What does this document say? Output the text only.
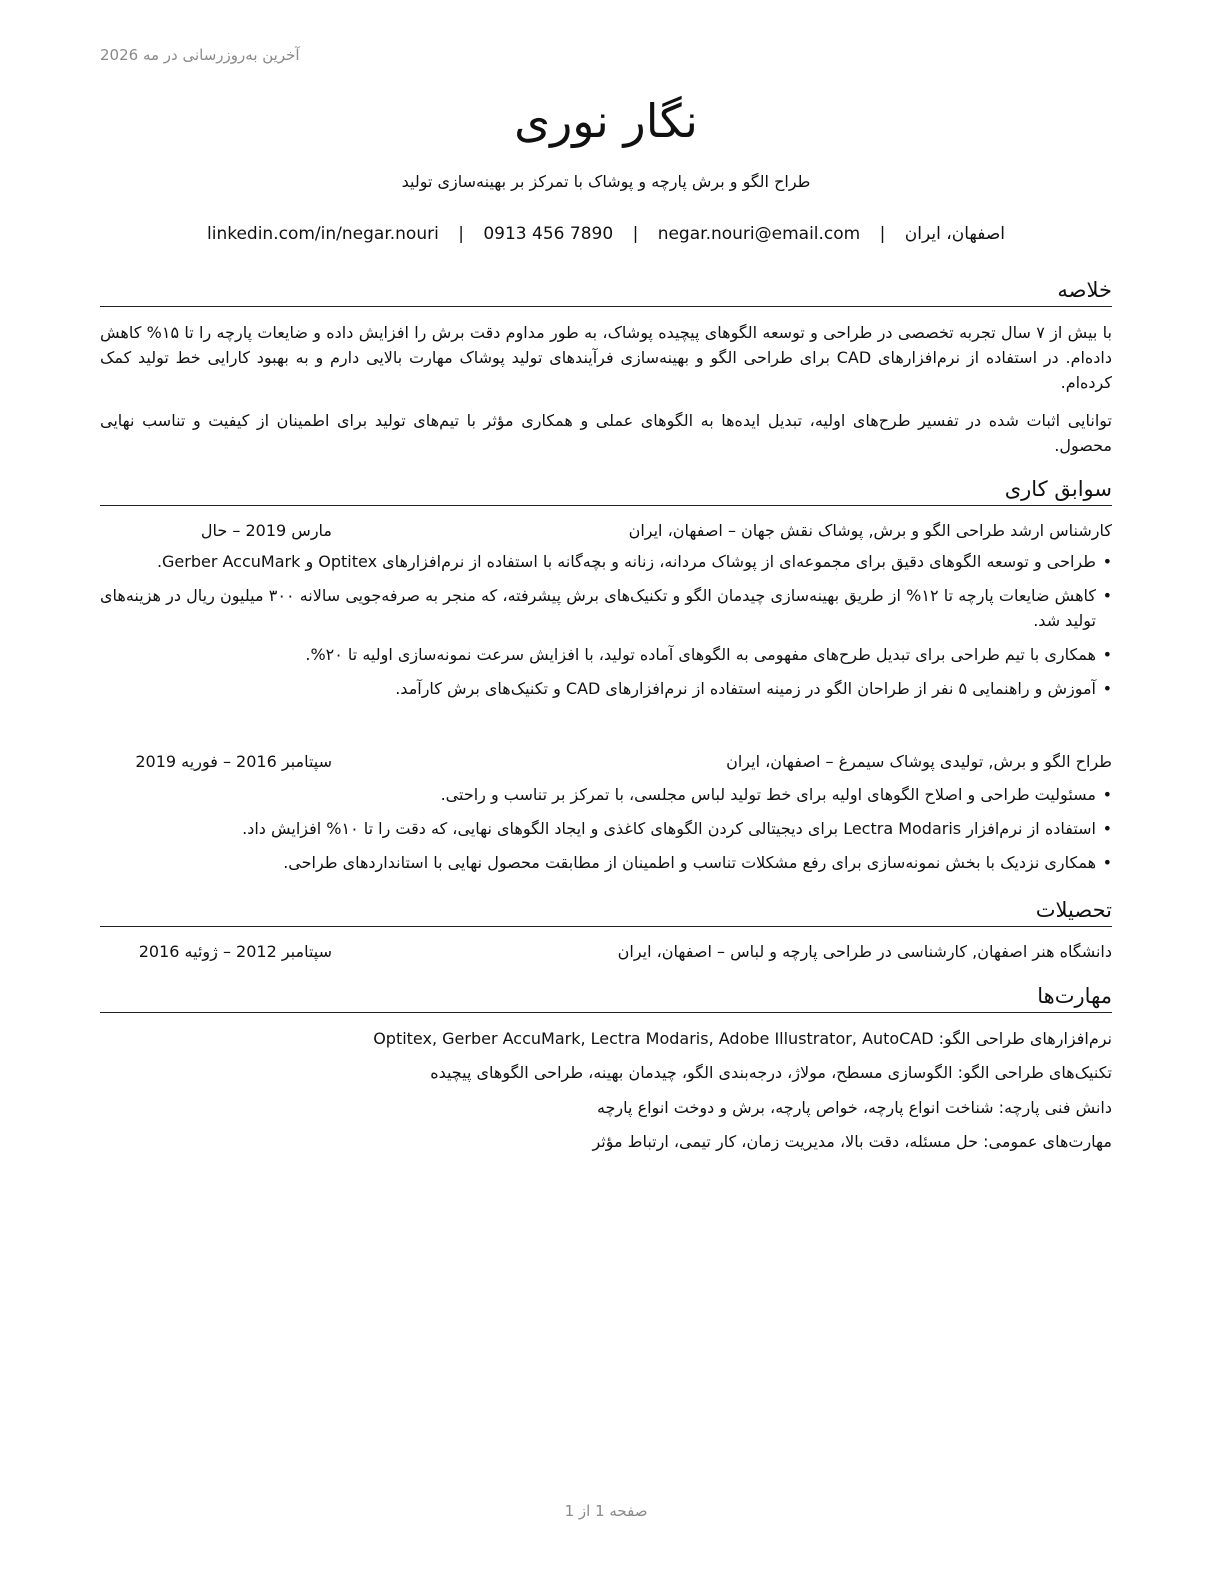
آخرین به‌روزرسانی در مه 2026
نگار نوری
طراح الگو و برش پارچه و پوشاک با تمرکز بر بهینه‌سازی تولید
اصفهان، ایران | negar.nouri@email.com | 0913 456 7890 | linkedin.com/in/negar.nouri
خلاصه
با بیش از ۷ سال تجربه تخصصی در طراحی و توسعه الگوهای پیچیده پوشاک، به طور مداوم دقت برش را افزایش داده و ضایعات پارچه را تا ۱۵% کاهش داده‌ام. در استفاده از نرم‌افزارهای CAD برای طراحی الگو و بهینه‌سازی فرآیندهای تولید پوشاک مهارت بالایی دارم و به بهبود کارایی خط تولید کمک کرده‌ام.
توانایی اثبات شده در تفسیر طرح‌های اولیه، تبدیل ایده‌ها به الگوهای عملی و همکاری مؤثر با تیم‌های تولید برای اطمینان از کیفیت و تناسب نهایی محصول.
سوابق کاری
کارشناس ارشد طراحی الگو و برش, پوشاک نقش جهان – اصفهان، ایران
مارس 2019 – حال
• طراحی و توسعه الگوهای دقیق برای مجموعه‌ای از پوشاک مردانه، زنانه و بچه‌گانه با استفاده از نرم‌افزارهای Optitex و Gerber AccuMark.
• کاهش ضایعات پارچه تا ۱۲% از طریق بهینه‌سازی چیدمان الگو و تکنیک‌های برش پیشرفته، که منجر به صرفه‌جویی سالانه ۳۰۰ میلیون ریال در هزینه‌های تولید شد.
• همکاری با تیم طراحی برای تبدیل طرح‌های مفهومی به الگوهای آماده تولید، با افزایش سرعت نمونه‌سازی اولیه تا ۲۰%.
• آموزش و راهنمایی ۵ نفر از طراحان الگو در زمینه استفاده از نرم‌افزارهای CAD و تکنیک‌های برش کارآمد.
طراح الگو و برش, تولیدی پوشاک سیمرغ – اصفهان، ایران
سپتامبر 2016 – فوریه 2019
• مسئولیت طراحی و اصلاح الگوهای اولیه برای خط تولید لباس مجلسی، با تمرکز بر تناسب و راحتی.
• استفاده از نرم‌افزار Lectra Modaris برای دیجیتالی کردن الگوهای کاغذی و ایجاد الگوهای نهایی، که دقت را تا ۱۰% افزایش داد.
• همکاری نزدیک با بخش نمونه‌سازی برای رفع مشکلات تناسب و اطمینان از مطابقت محصول نهایی با استانداردهای طراحی.
تحصیلات
دانشگاه هنر اصفهان, کارشناسی در طراحی پارچه و لباس – اصفهان، ایران
سپتامبر 2012 – ژوئیه 2016
مهارت‌ها
نرم‌افزارهای طراحی الگو: Optitex, Gerber AccuMark, Lectra Modaris, Adobe Illustrator, AutoCAD
تکنیک‌های طراحی الگو: الگوسازی مسطح، مولاژ، درجه‌بندی الگو، چیدمان بهینه، طراحی الگوهای پیچیده
دانش فنی پارچه: شناخت انواع پارچه، خواص پارچه، برش و دوخت انواع پارچه
مهارت‌های عمومی: حل مسئله، دقت بالا، مدیریت زمان، کار تیمی، ارتباط مؤثر
صفحه 1 از 1
